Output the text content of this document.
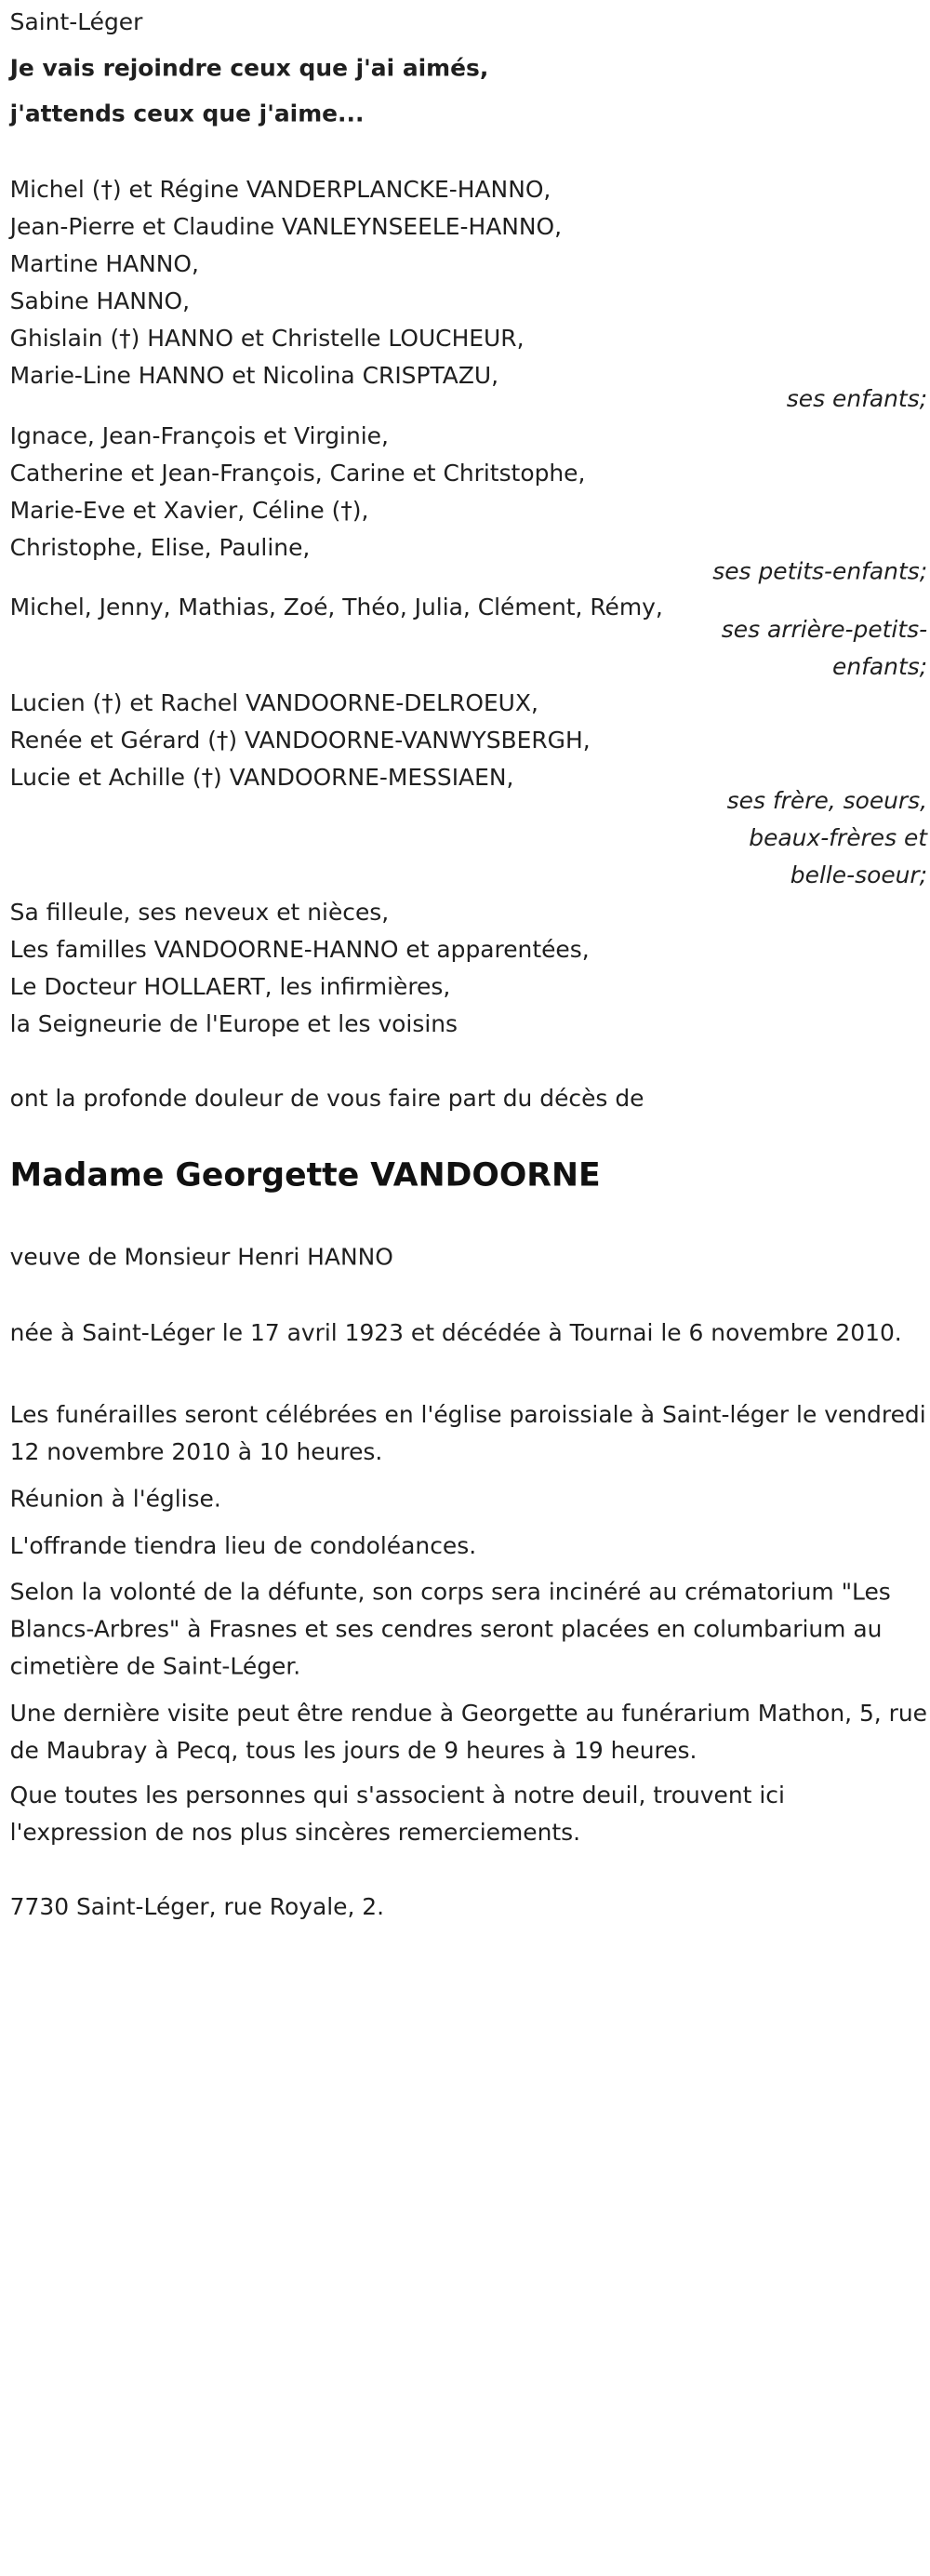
Saint-Léger
Je vais rejoindre ceux que j'ai aimés,
j'attends ceux que j'aime...
Michel (†) et Régine VANDERPLANCKE-HANNO,
Jean-Pierre et Claudine VANLEYNSEELE-HANNO,
Martine HANNO,
Sabine HANNO,
Ghislain (†) HANNO et Christelle LOUCHEUR,
Marie-Line HANNO et Nicolina CRISPTAZU,
ses enfants;
Ignace, Jean-François et Virginie,
Catherine et Jean-François, Carine et Chritstophe,
Marie-Eve et Xavier, Céline (†),
Christophe, Elise, Pauline,
ses petits-enfants;
Michel, Jenny, Mathias, Zoé, Théo, Julia, Clément, Rémy,
ses arrière-petits-
enfants;
Lucien (†) et Rachel VANDOORNE-DELROEUX,
Renée et Gérard (†) VANDOORNE-VANWYSBERGH,
Lucie et Achille (†) VANDOORNE-MESSIAEN,
ses frère, soeurs,
beaux-frères et
belle-soeur;
Sa filleule, ses neveux et nièces,
Les familles VANDOORNE-HANNO et apparentées,
Le Docteur HOLLAERT, les infirmières,
la Seigneurie de l'Europe et les voisins
ont la profonde douleur de vous faire part du décès de
Madame Georgette VANDOORNE
veuve de Monsieur Henri HANNO
née à Saint-Léger le 17 avril 1923 et décédée à Tournai le 6 novembre 2010.
Les funérailles seront célébrées en l'église paroissiale à Saint-léger le vendredi 12 novembre 2010 à 10 heures.
Réunion à l'église.
L'offrande tiendra lieu de condoléances.
Selon la volonté de la défunte, son corps sera incinéré au crématorium "Les Blancs-Arbres" à Frasnes et ses cendres seront placées en columbarium au cimetière de Saint-Léger.
Une dernière visite peut être rendue à Georgette au funérarium Mathon, 5, rue de Maubray à Pecq, tous les jours de 9 heures à 19 heures.
Que toutes les personnes qui s'associent à notre deuil, trouvent ici l'expression de nos plus sincères remerciements.
7730 Saint-Léger, rue Royale, 2.
